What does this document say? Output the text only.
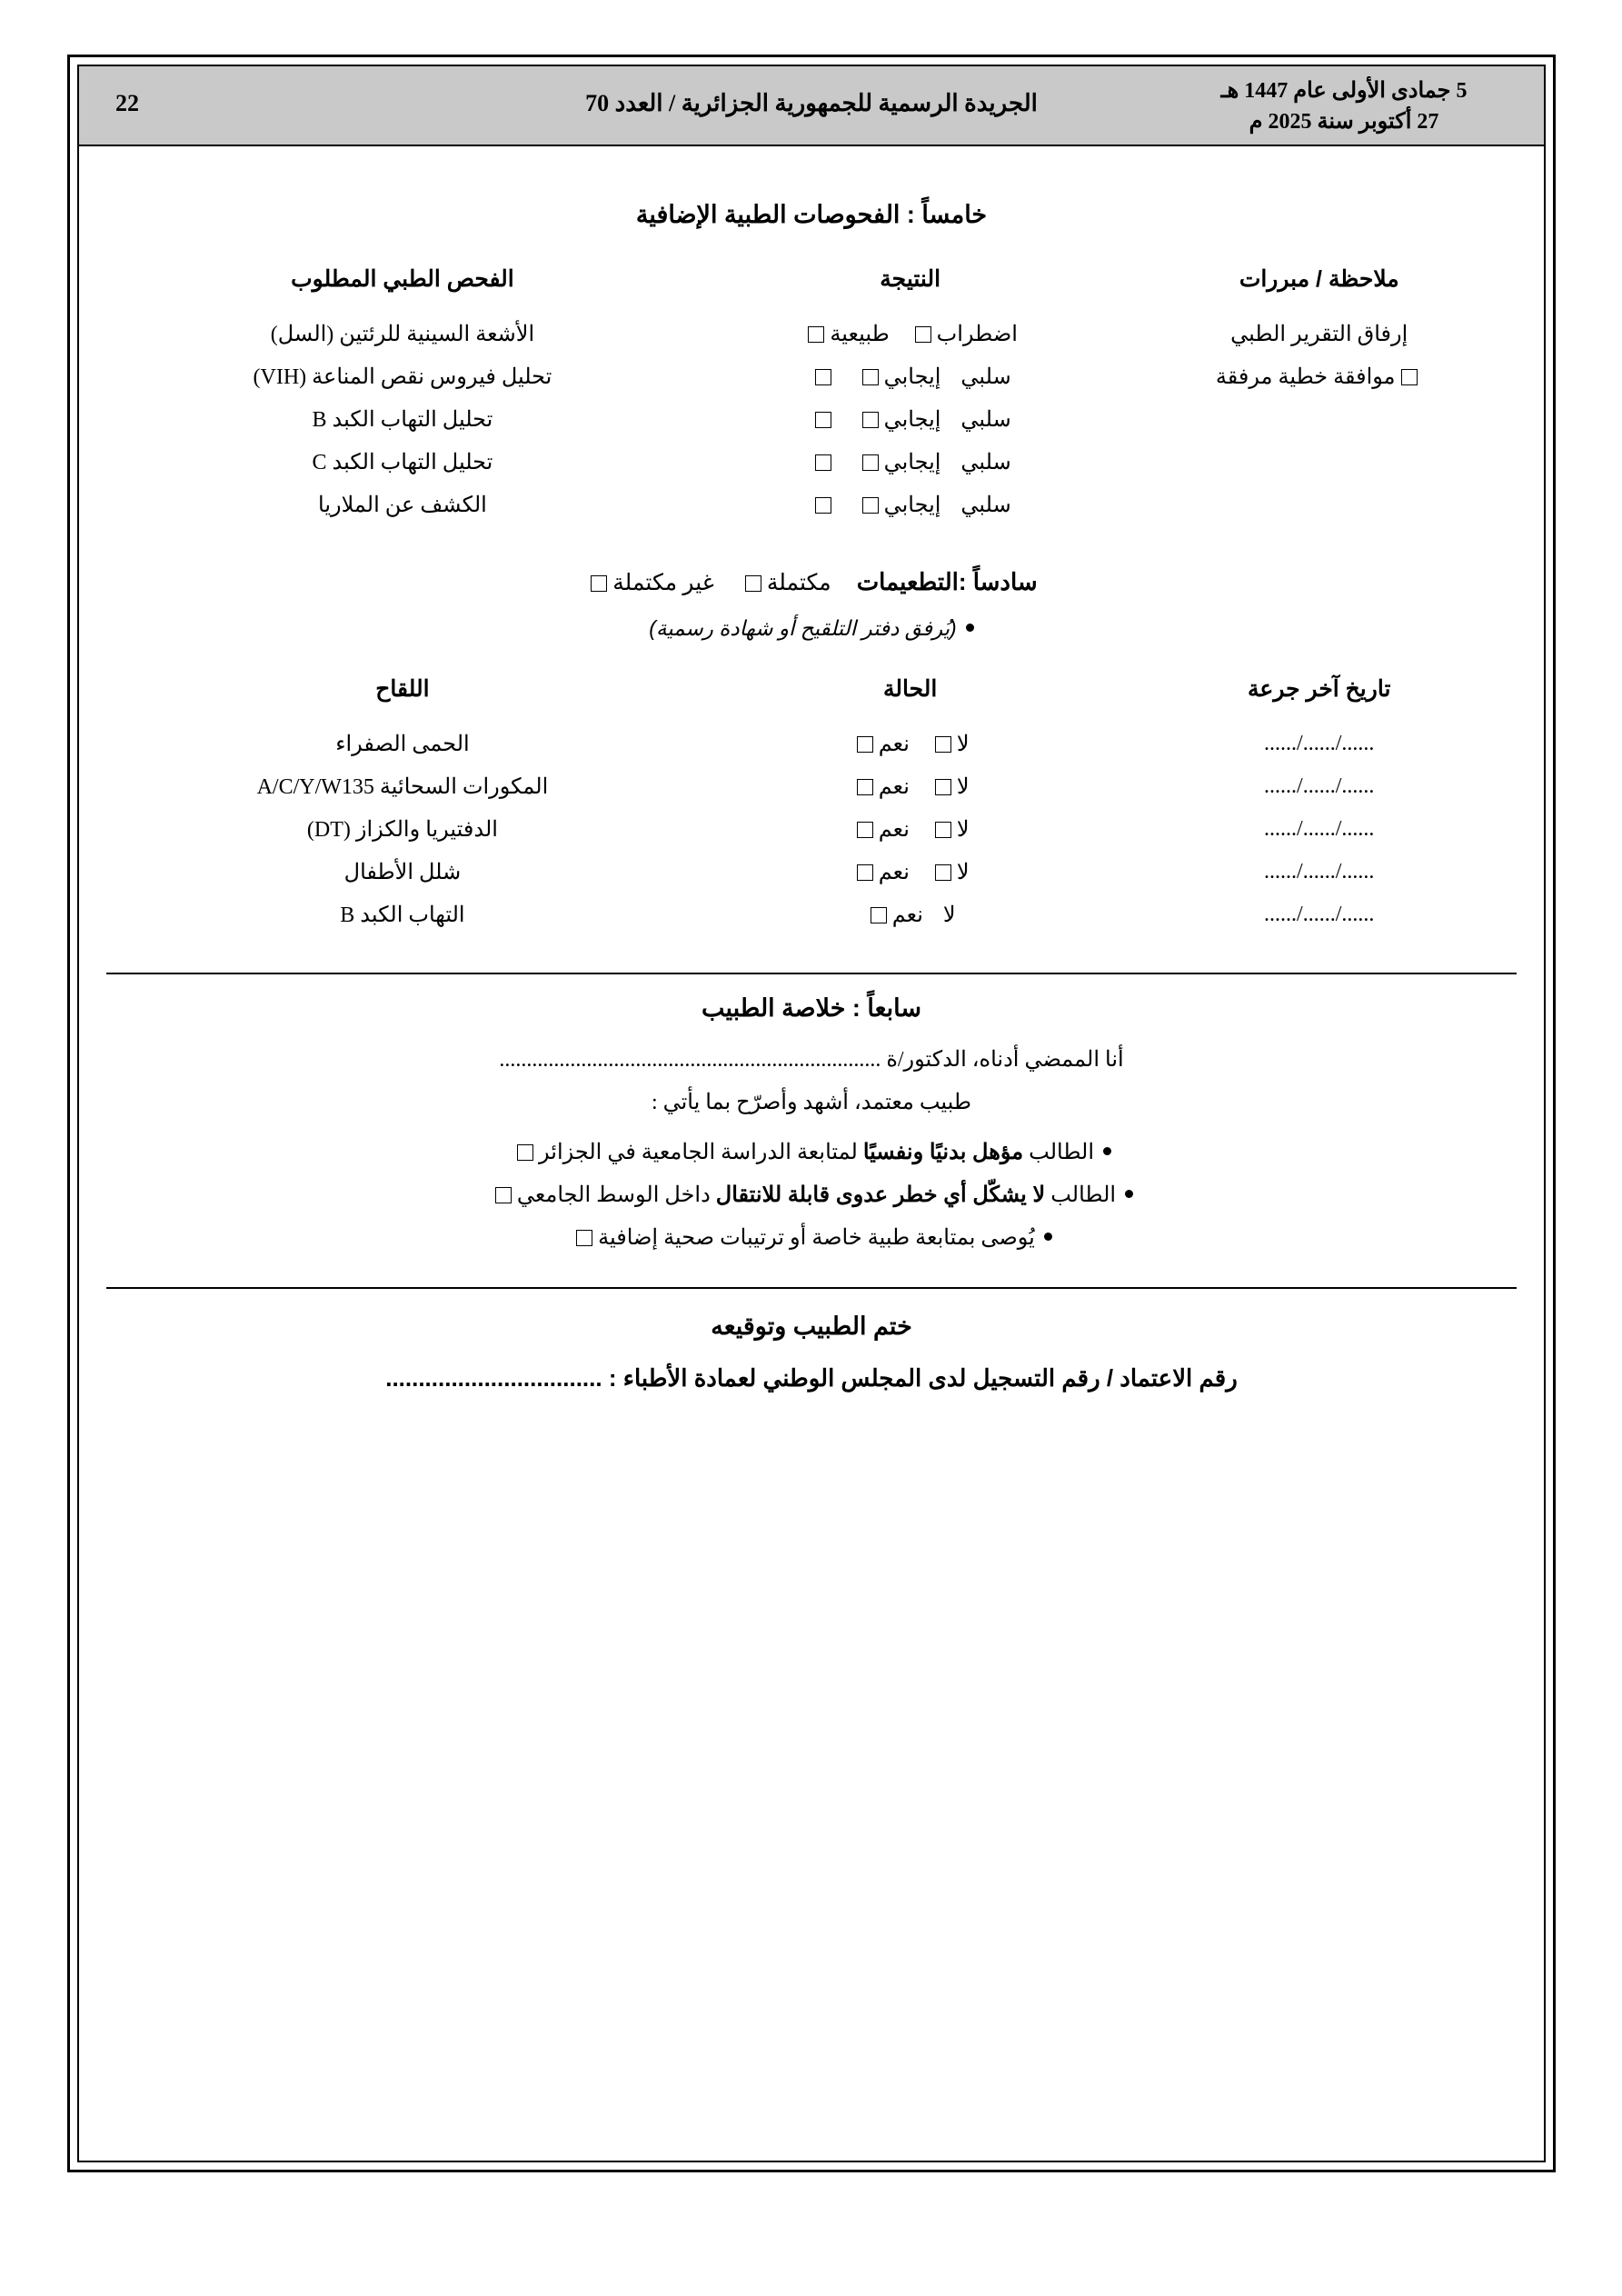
5 جمادى الأولى عام 1447 هـ
27 أكتوبر سنة 2025 م
الجريدة الرسمية للجمهورية الجزائرية / العدد 70
22
خامساً : الفحوصات الطبية الإضافية
ملاحظة / مبررات	النتيجة	الفحص الطبي المطلوب
إرفاق التقرير الطبي	اضطرابطبيعية	الأشعة السينية للرئتين (السل)
موافقة خطية مرفقة	سلبيإيجابي	تحليل فيروس نقص المناعة (VIH)
	سلبيإيجابي	تحليل التهاب الكبد B
	سلبيإيجابي	تحليل التهاب الكبد C
	سلبيإيجابي	الكشف عن الملاريا
سادساً :التطعيماتمكتملةغير مكتملة
(يُرفق دفتر التلقيح أو شهادة رسمية)
تاريخ آخر جرعة	الحالة	اللقاح
....../....../......	لانعم	الحمى الصفراء
....../....../......	لانعم	المكورات السحائية A/C/Y/W135
....../....../......	لانعم	الدفتيريا والكزاز (DT)
....../....../......	لانعم	شلل الأطفال
....../....../......	لانعم	التهاب الكبد B
سابعاً : خلاصة الطبيب
أنا الممضي أدناه، الدكتور/ة ......................................................................
طبيب معتمد، أشهد وأصرّح بما يأتي :
الطالب مؤهل بدنيًا ونفسيًا لمتابعة الدراسة الجامعية في الجزائر
الطالب لا يشكّل أي خطر عدوى قابلة للانتقال داخل الوسط الجامعي
يُوصى بمتابعة طبية خاصة أو ترتيبات صحية إضافية
ختم الطبيب وتوقيعه
رقم الاعتماد / رقم التسجيل لدى المجلس الوطني لعمادة الأطباء : .................................
